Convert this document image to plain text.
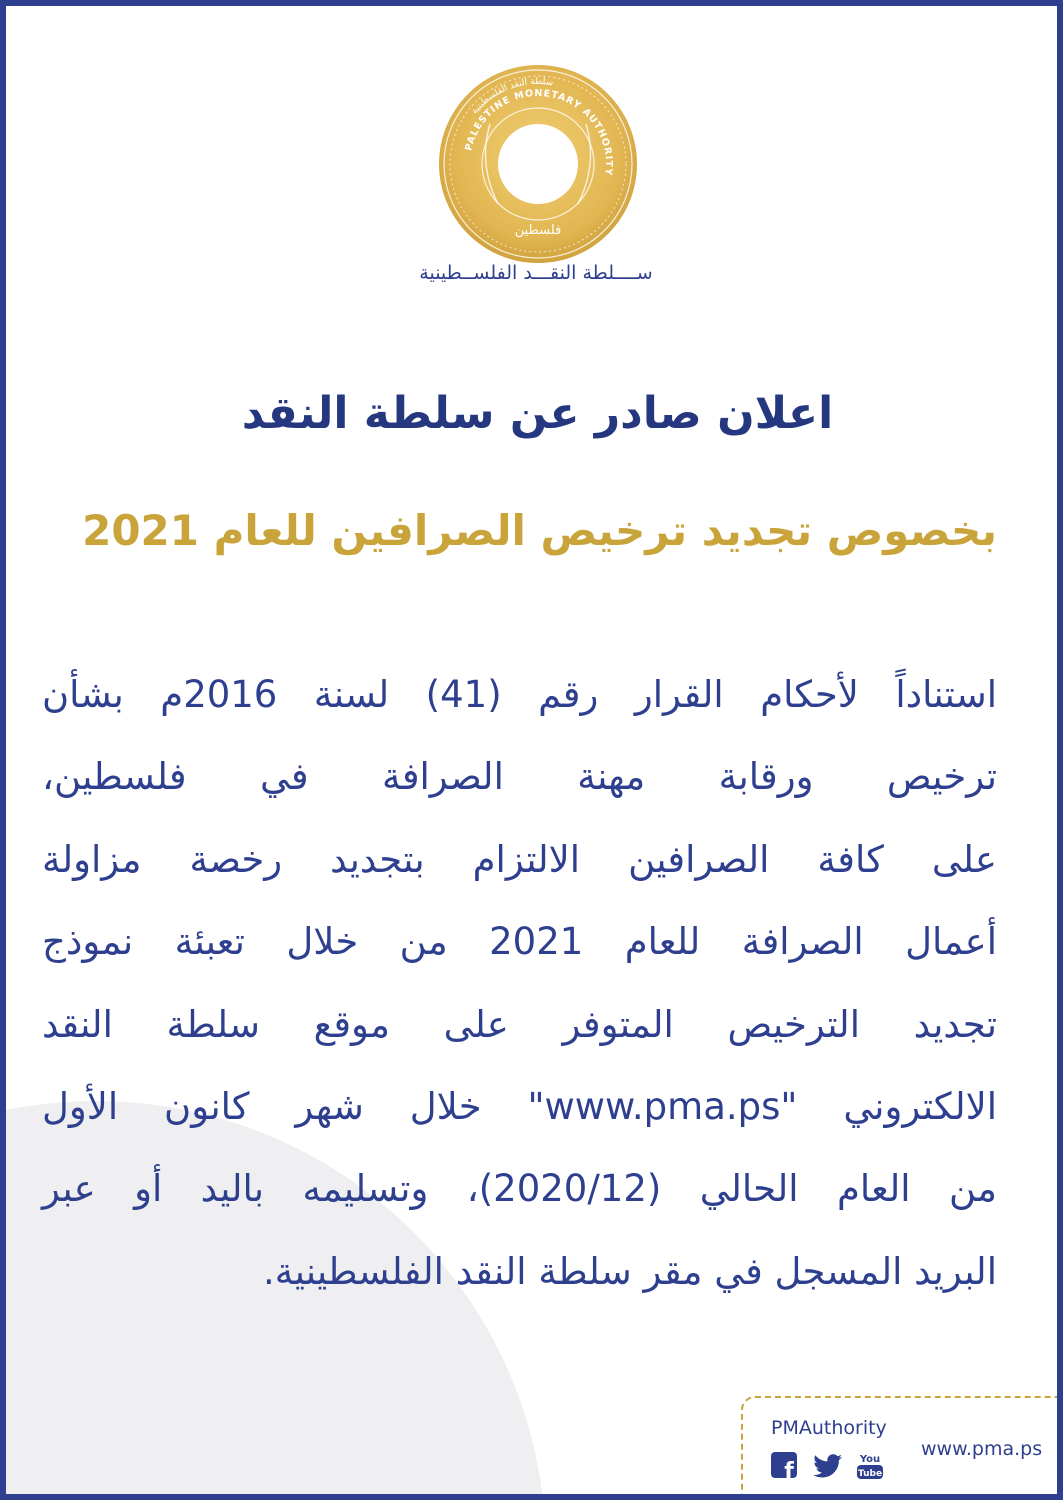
PALESTINE MONETARY AUTHORITY
سلطة النقد الفلسطينية
فلسطين
ســــلطة النقـــد الفلســطينية
اعلان صادر عن سلطة النقد
بخصوص تجديد ترخيص الصرافين للعام 2021
استناداً لأحكام القرار رقم (41) لسنة 2016م بشأن
ترخيص ورقابة مهنة الصرافة في فلسطين،
على كافة الصرافين الالتزام بتجديد رخصة مزاولة
أعمال الصرافة للعام 2021 من خلال تعبئة نموذج
تجديد الترخيص المتوفر على موقع سلطة النقد
الالكتروني "www.pma.ps" خلال شهر كانون الأول
من العام الحالي (2020/12)، وتسليمه باليد أو عبر
البريد المسجل في مقر سلطة النقد الفلسطينية.
PMAuthority
f	You
Tube
www.pma.ps
